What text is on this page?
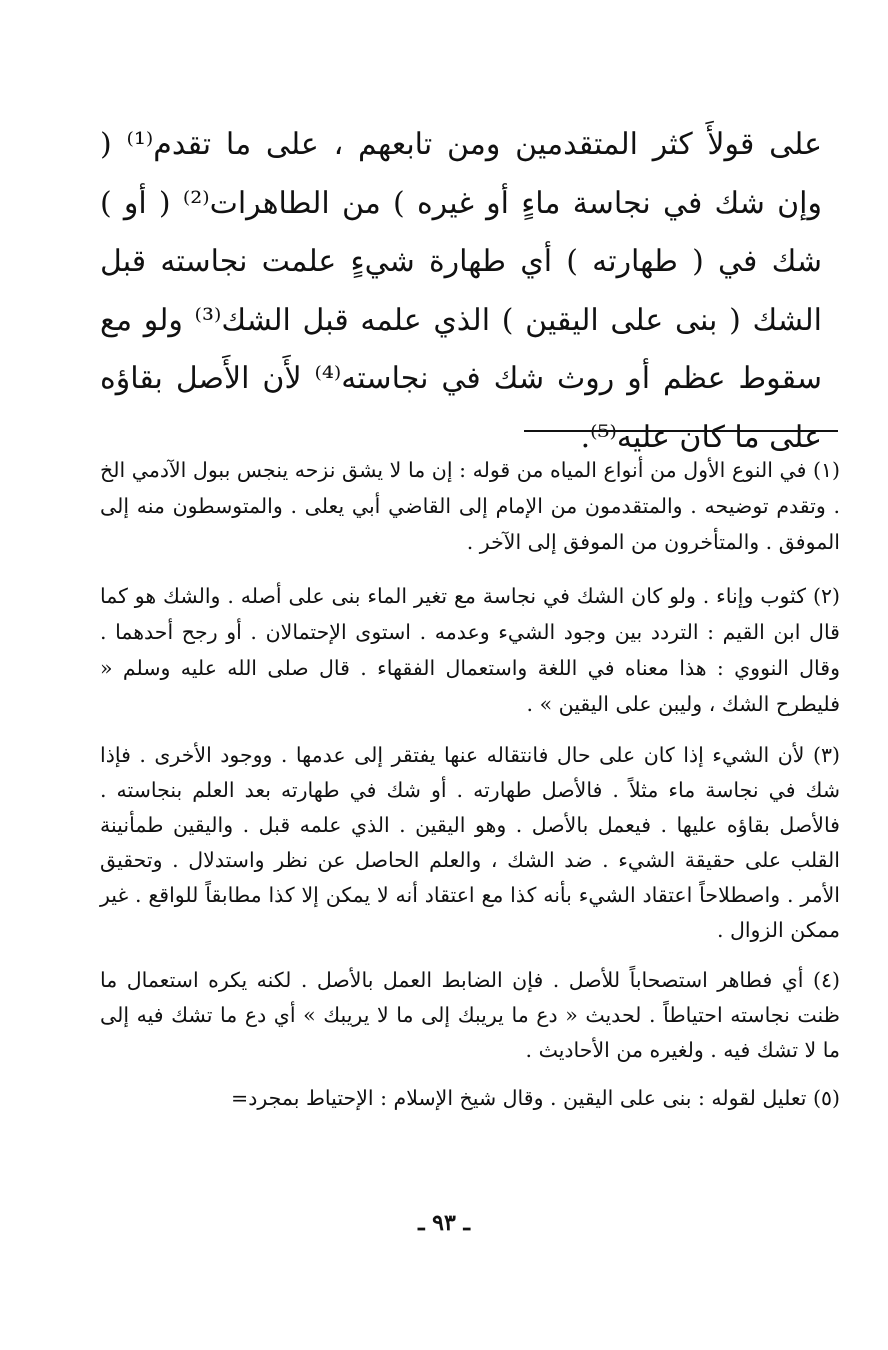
على قولأَ كثر المتقدمين ومن تابعهم ، على ما تقدم⁽¹⁾ ( وإن شك في نجاسة ماءٍ أو غيره ) من الطاهرات⁽²⁾ ( أو ) شك في ( طهارته ) أي طهارة شيءٍ علمت نجاسته قبل الشك ( بنى على اليقين ) الذي علمه قبل الشك⁽³⁾ ولو مع سقوط عظم أو روث شك في نجاسته⁽⁴⁾ لأَن الأَصل بقاؤه على ما كان عليه⁽⁵⁾.

(١) في النوع الأول من أنواع المياه من قوله : إن ما لا يشق نزحه ينجس ببول الآدمي الخ . وتقدم توضيحه . والمتقدمون من الإمام إلى القاضي أبي يعلى . والمتوسطون منه إلى الموفق . والمتأخرون من الموفق إلى الآخر .

(٢) كثوب وإناء . ولو كان الشك في نجاسة مع تغير الماء بنى على أصله . والشك هو كما قال ابن القيم : التردد بين وجود الشيء وعدمه . استوى الإحتمالان . أو رجح أحدهما . وقال النووي : هذا معناه في اللغة واستعمال الفقهاء . قال صلى الله عليه وسلم « فليطرح الشك ، وليبن على اليقين » .

(٣) لأن الشيء إذا كان على حال فانتقاله عنها يفتقر إلى عدمها . ووجود الأخرى . فإذا شك في نجاسة ماء مثلاً . فالأصل طهارته . أو شك في طهارته بعد العلم بنجاسته . فالأصل بقاؤه عليها . فيعمل بالأصل . وهو اليقين . الذي علمه قبل . واليقين طمأنينة القلب على حقيقة الشيء . ضد الشك ، والعلم الحاصل عن نظر واستدلال . وتحقيق الأمر . واصطلاحاً اعتقاد الشيء بأنه كذا مع اعتقاد أنه لا يمكن إلا كذا مطابقاً للواقع . غير ممكن الزوال .

(٤) أي فطاهر استصحاباً للأصل . فإن الضابط العمل بالأصل . لكنه يكره استعمال ما ظنت نجاسته احتياطاً . لحديث « دع ما يريبك إلى ما لا يريبك » أي دع ما تشك فيه إلى ما لا تشك فيه . ولغيره من الأحاديث .

(٥) تعليل لقوله : بنى على اليقين . وقال شيخ الإسلام : الإحتياط بمجرد=

ـ ٩٣ ـ
